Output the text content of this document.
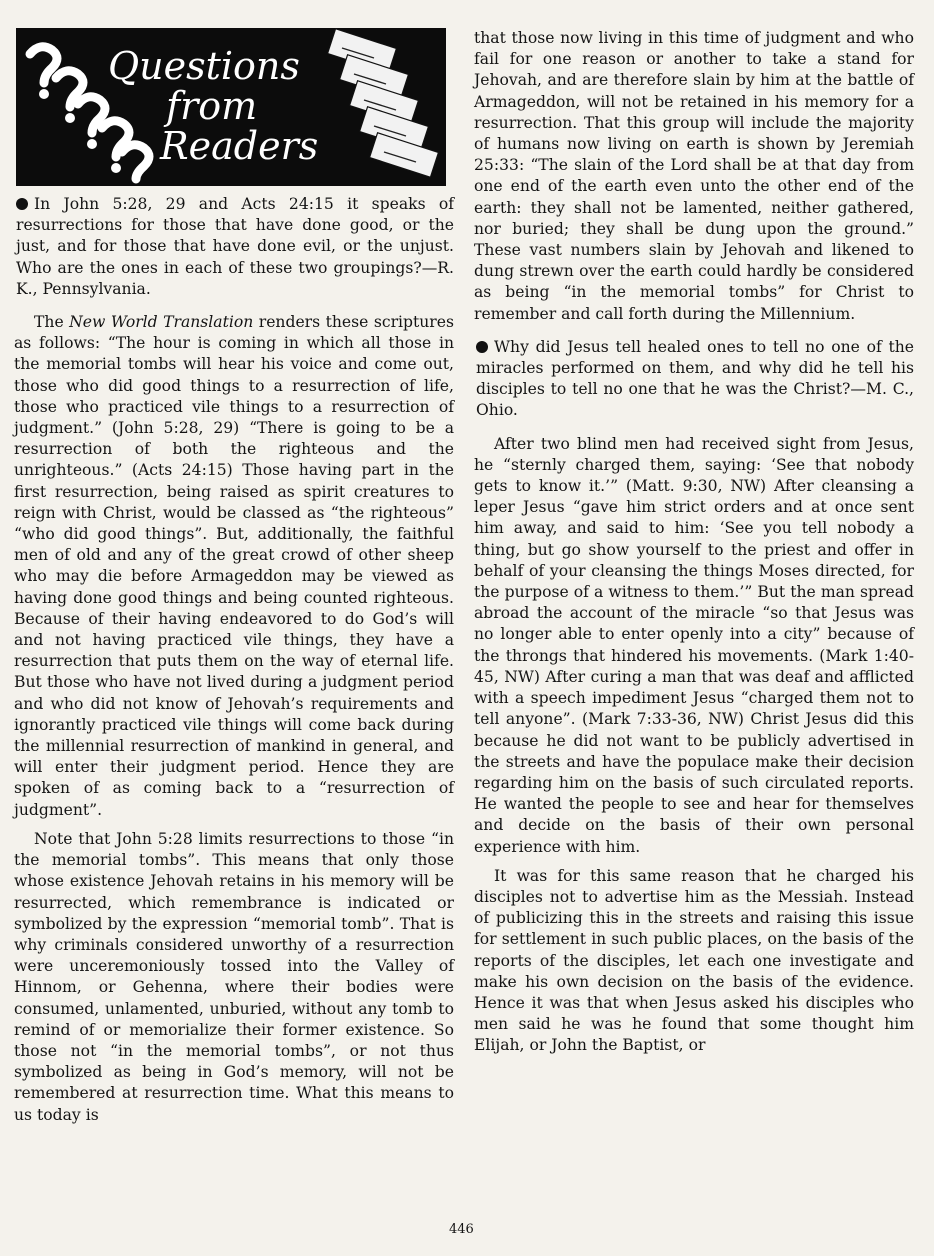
Questions
from
Readers

In John 5:28, 29 and Acts 24:15 it speaks of resurrections for those that have done good, or the just, and for those that have done evil, or the unjust. Who are the ones in each of these two groupings?—R. K., Pennsylvania.

The New World Translation renders these scriptures as follows: “The hour is coming in which all those in the memorial tombs will hear his voice and come out, those who did good things to a resurrection of life, those who practiced vile things to a resurrection of judgment.” (John 5:28, 29) “There is going to be a resurrection of both the righteous and the unrighteous.” (Acts 24:15) Those having part in the first resurrection, being raised as spirit creatures to reign with Christ, would be classed as “the righteous” “who did good things”. But, additionally, the faithful men of old and any of the great crowd of other sheep who may die before Armageddon may be viewed as having done good things and being counted righteous. Because of their having endeavored to do God’s will and not having practiced vile things, they have a resurrection that puts them on the way of eternal life. But those who have not lived during a judgment period and who did not know of Jehovah’s requirements and ignorantly practiced vile things will come back during the millennial resurrection of mankind in general, and will enter their judgment period. Hence they are spoken of as coming back to a “resurrection of judgment”.

Note that John 5:28 limits resurrections to those “in the memorial tombs”. This means that only those whose existence Jehovah retains in his memory will be resurrected, which remembrance is indicated or symbolized by the expression “memorial tomb”. That is why criminals considered unworthy of a resurrection were unceremoniously tossed into the Valley of Hinnom, or Gehenna, where their bodies were consumed, unlamented, unburied, without any tomb to remind of or memorialize their former existence. So those not “in the memorial tombs”, or not thus symbolized as being in God’s memory, will not be remembered at resurrection time. What this means to us today is

that those now living in this time of judgment and who fail for one reason or another to take a stand for Jehovah, and are therefore slain by him at the battle of Armageddon, will not be retained in his memory for a resurrection. That this group will include the majority of humans now living on earth is shown by Jeremiah 25:33: “The slain of the Lord shall be at that day from one end of the earth even unto the other end of the earth: they shall not be lamented, neither gathered, nor buried; they shall be dung upon the ground.” These vast numbers slain by Jehovah and likened to dung strewn over the earth could hardly be considered as being “in the memorial tombs” for Christ to remember and call forth during the Millennium.

Why did Jesus tell healed ones to tell no one of the miracles performed on them, and why did he tell his disciples to tell no one that he was the Christ?—M. C., Ohio.

After two blind men had received sight from Jesus, he “sternly charged them, saying: ‘See that nobody gets to know it.’” (Matt. 9:30, NW) After cleansing a leper Jesus “gave him strict orders and at once sent him away, and said to him: ‘See you tell nobody a thing, but go show yourself to the priest and offer in behalf of your cleansing the things Moses directed, for the purpose of a witness to them.’” But the man spread abroad the account of the miracle “so that Jesus was no longer able to enter openly into a city” because of the throngs that hindered his movements. (Mark 1:40-45, NW) After curing a man that was deaf and afflicted with a speech impediment Jesus “charged them not to tell anyone”. (Mark 7:33-36, NW) Christ Jesus did this because he did not want to be publicly advertised in the streets and have the populace make their decision regarding him on the basis of such circulated reports. He wanted the people to see and hear for themselves and decide on the basis of their own personal experience with him.

It was for this same reason that he charged his disciples not to advertise him as the Messiah. Instead of publicizing this in the streets and raising this issue for settlement in such public places, on the basis of the reports of the disciples, let each one investigate and make his own decision on the basis of the evidence. Hence it was that when Jesus asked his disciples who men said he was he found that some thought him Elijah, or John the Baptist, or

446
